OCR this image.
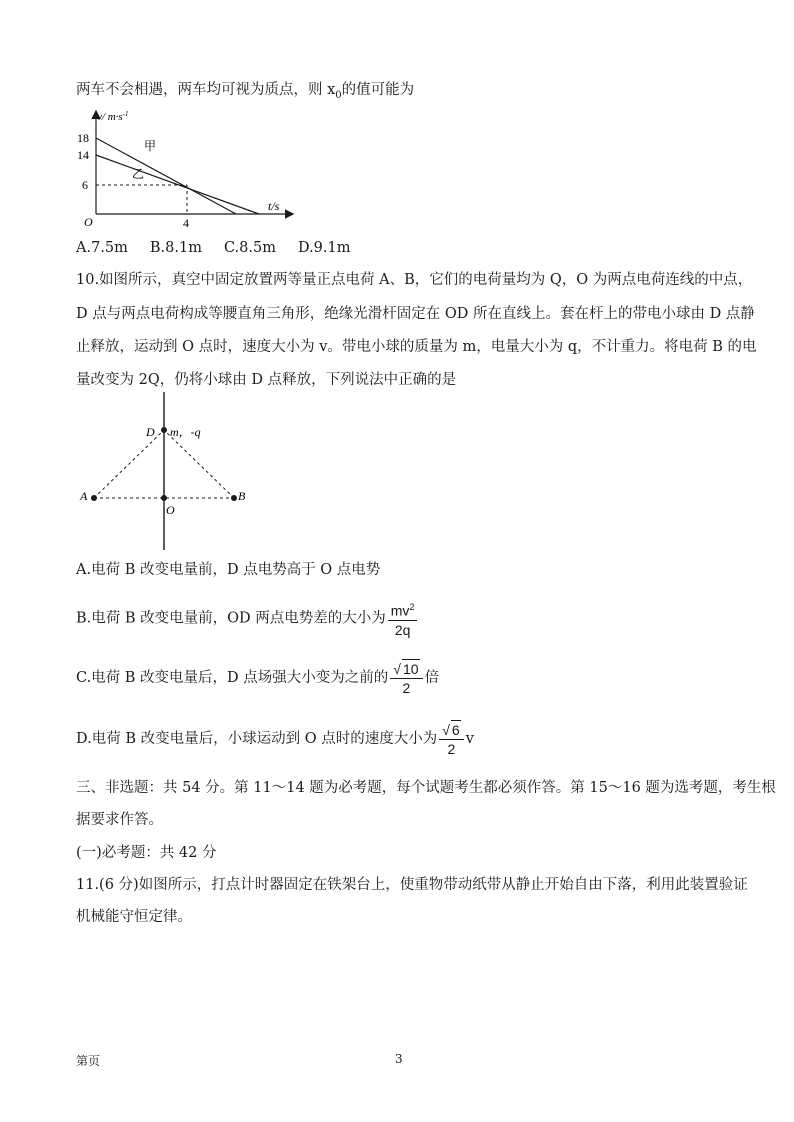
两车不会相遇，两车均可视为质点，则 $x_0$的值可能为
v/ $m\cdot s^{-1}$
18
14
6
O	4
t/s
甲
乙
A.7.5m B.8.1m C.8.5m D.9.1m
10.如图所示，真空中固定放置两等量正点电荷 A、B，它们的电荷量均为 Q，O 为两点电荷连线的中点，
D 点与两点电荷构成等腰直角三角形，绝缘光滑杆固定在 OD 所在直线上。套在杆上的带电小球由 D 点静
止释放，运动到 O 点时，速度大小为 v。带电小球的质量为 m，电量大小为 q，不计重力。将电荷 B 的电
量改变为 2Q，仍将小球由 D 点释放，下列说法中正确的是
D m，-q
A	B
O
A.电荷 B 改变电量前，D 点电势高于 O 点电势
B.电荷 B 改变电量前，OD 两点电势差的大小为 $\frac{mv^2}{2q}$
C.电荷 B 改变电量后，D 点场强大小变为之前的 $\frac{√ 10}{2}$ 倍
D.电荷 B 改变电量后，小球运动到 O 点时的速度大小为 $\frac{√ 6}{2}$ v
三、非选题：共 54 分。第 11～14 题为必考题，每个试题考生都必须作答。第 15～16 题为选考题，考生根
据要求作答。
(一)必考题：共 42 分
11.(6 分)如图所示，打点计时器固定在铁架台上，使重物带动纸带从静止开始自由下落，利用此装置验证
机械能守恒定律。
第页	3
